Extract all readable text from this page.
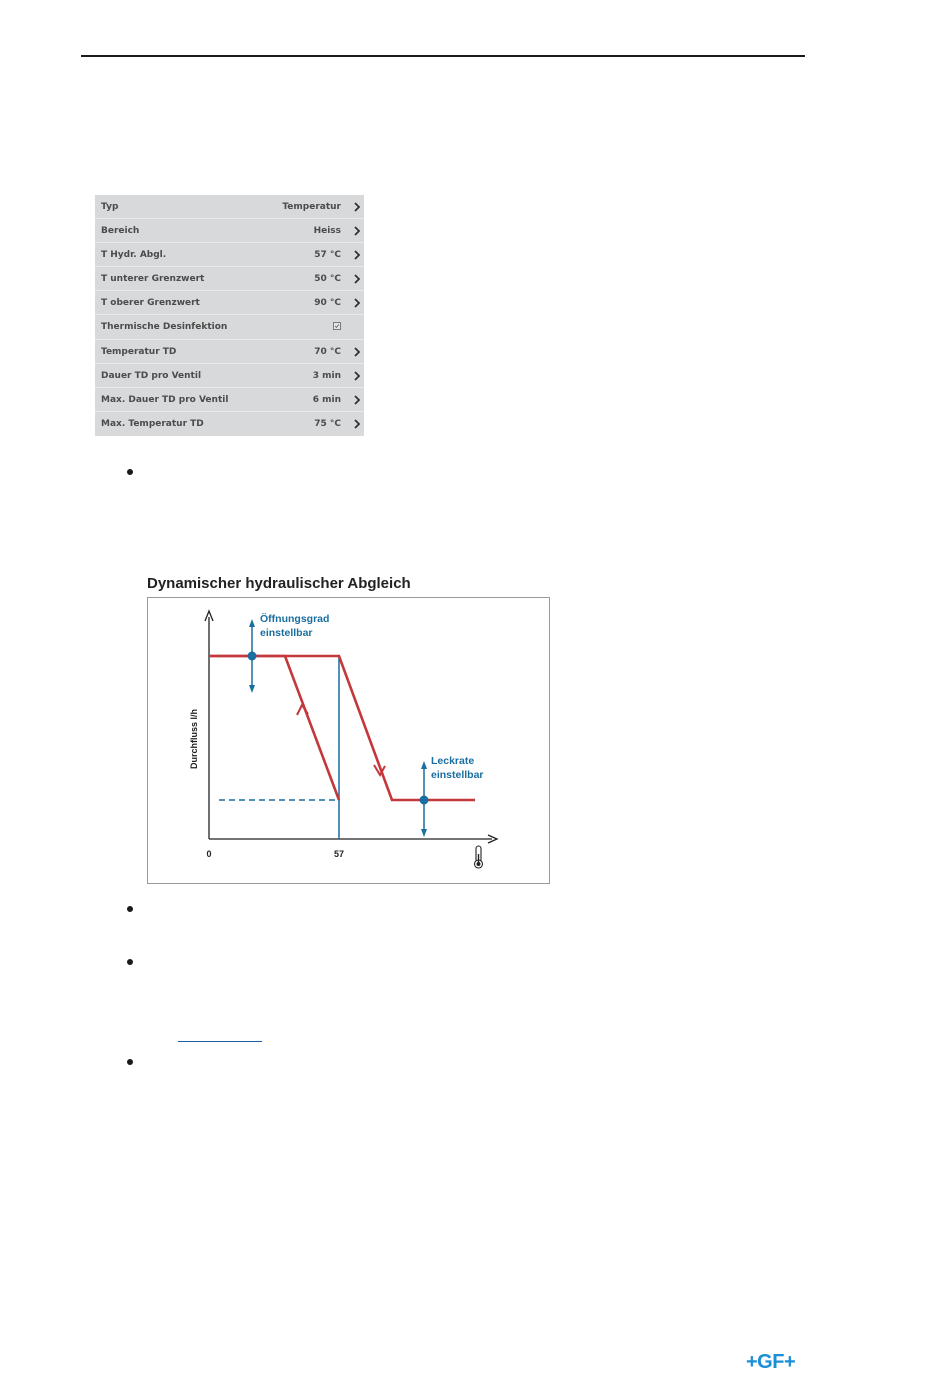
Typ	Temperatur
Bereich	Heiss
T Hydr. Abgl.	57 °C
T unterer Grenzwert	50 °C
T oberer Grenzwert	90 °C
Thermische Desinfektion
Temperatur TD	70 °C
Dauer TD pro Ventil	3 min
Max. Dauer TD pro Ventil	6 min
Max. Temperatur TD	75 °C
Dynamischer hydraulischer Abgleich
Durchfluss l/h
0	57
Öffnungsgrad
einstellbar
Leckrate
einstellbar
+GF+
